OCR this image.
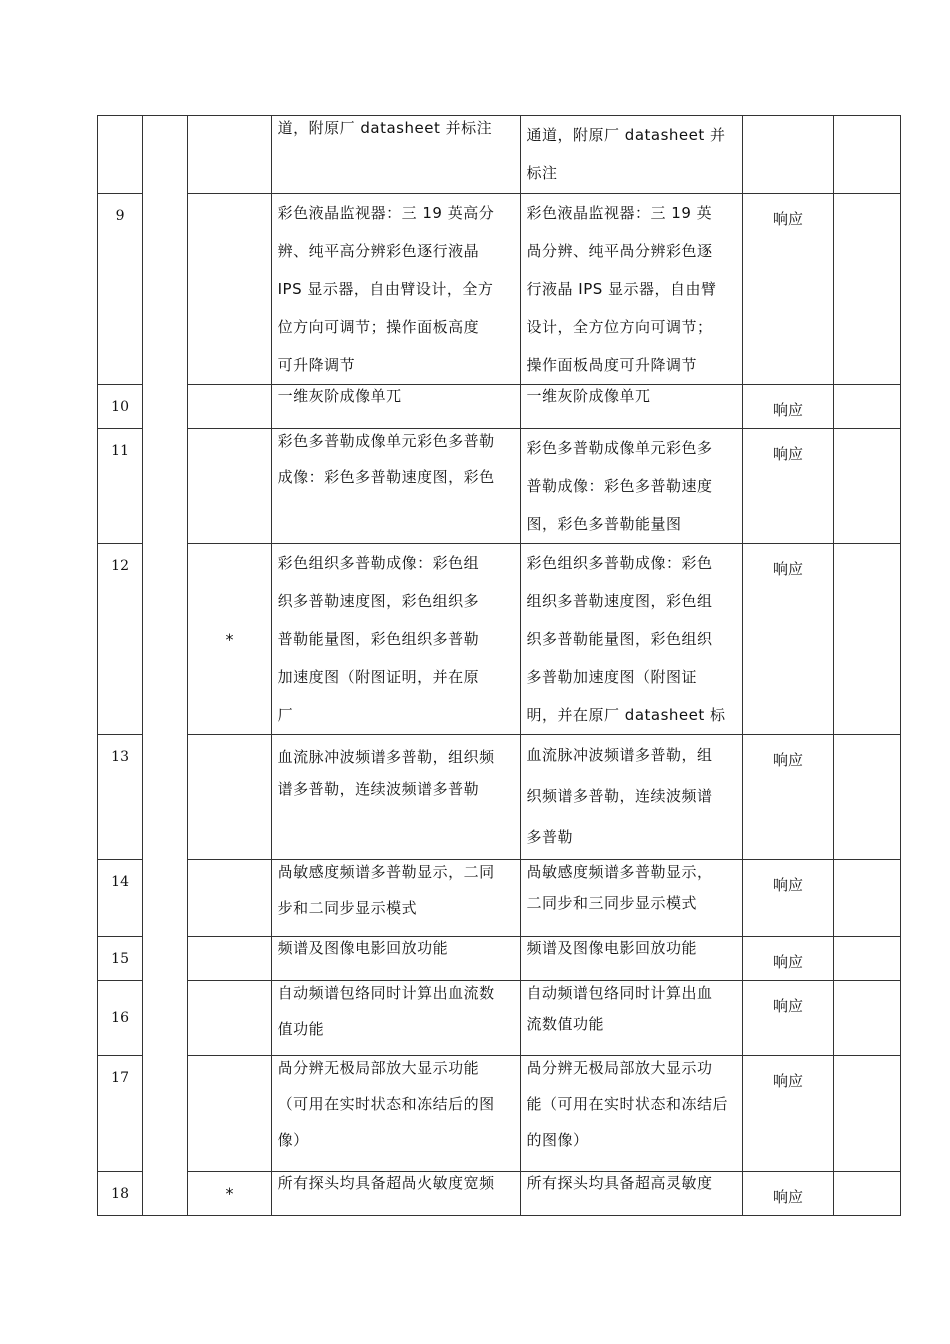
			道，附原厂 datasheet 并标注	通道，附原厂 datasheet 并
标注		

9			彩色液晶监视器：三 19 英高分
辨、纯平高分辨彩色逐行液晶
IPS 显示器，自由臂设计，全方
位方向可调节；操作面板高度
可升降调节	彩色液晶监视器：三 19 英
咼分辨、纯平咼分辨彩色逐
行液晶 IPS 显示器，自由臂
设计，全方位方向可调节；
操作面板咼度可升降调节	响应	
10			一维灰阶成像单兀	一维灰阶成像单兀	响应	
11			彩色多普勒成像单元彩色多普勒
成像：彩色多普勒速度图，彩色	彩色多普勒成像单元彩色多
普勒成像：彩色多普勒速度
图，彩色多普勒能量图	响应	
12		*	彩色组织多普勒成像：彩色组
织多普勒速度图，彩色组织多
普勒能量图，彩色组织多普勒
加速度图（附图证明，并在原
厂	彩色组织多普勒成像：彩色
组织多普勒速度图，彩色组
织多普勒能量图，彩色组织
多普勒加速度图（附图证
明，并在原厂 datasheet 标	响应	
13			血流脉冲波频谱多普勒，组织频
谱多普勒，连续波频谱多普勒	血流脉冲波频谱多普勒，组
织频谱多普勒，连续波频谱
多普勒	响应	
14			咼敏感度频谱多普勒显示，二同
步和二同步显示模式	咼敏感度频谱多普勒显示，
二同步和三同步显示模式	响应	
15			频谱及图像电影回放功能	频谱及图像电影回放功能	响应	
16			自动频谱包络同时计算出血流数
值功能	自动频谱包络同时计算出血
流数值功能	响应	
17			咼分辨无极局部放大显示功能
（可用在实时状态和冻结后的图
像）	咼分辨无极局部放大显示功
能（可用在实时状态和冻结后
的图像）	响应	
18		*	所有探头均具备超咼火敏度宽频	所有探头均具备超高灵敏度	响应	
